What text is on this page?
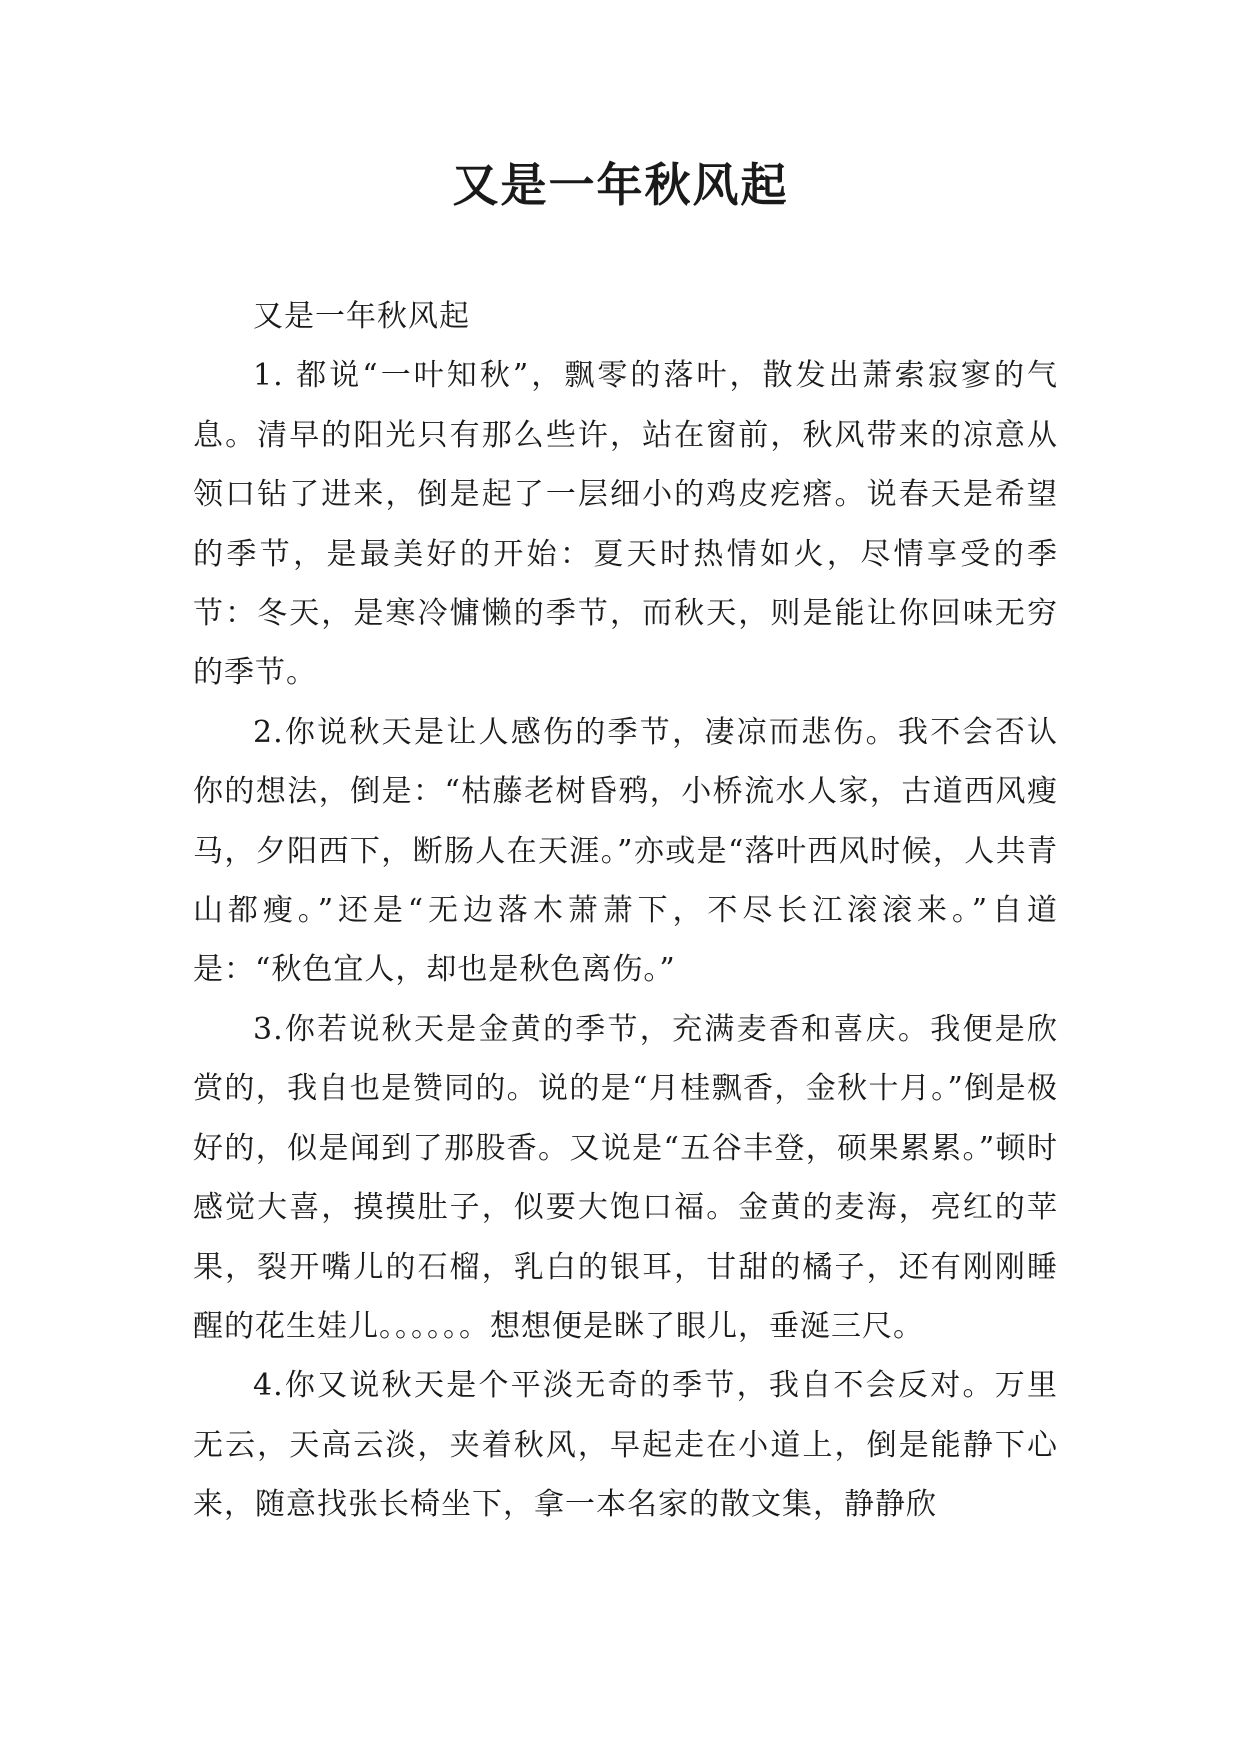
又是一年秋风起

又是一年秋风起

1. 都说“一叶知秋”，飘零的落叶，散发出萧索寂寥的气息。清早的阳光只有那么些许，站在窗前，秋风带来的凉意从领口钻了进来，倒是起了一层细小的鸡皮疙瘩。说春天是希望的季节，是最美好的开始：夏天时热情如火，尽情享受的季节：冬天，是寒冷慵懒的季节，而秋天，则是能让你回味无穷的季节。

2.你说秋天是让人感伤的季节，凄凉而悲伤。我不会否认你的想法，倒是：“枯藤老树昏鸦，小桥流水人家，古道西风瘦马，夕阳西下，断肠人在天涯。”亦或是“落叶西风时候，人共青山都瘦。”还是“无边落木萧萧下，不尽长江滚滚来。”自道是：“秋色宜人，却也是秋色离伤。”

3.你若说秋天是金黄的季节，充满麦香和喜庆。我便是欣赏的，我自也是赞同的。说的是“月桂飘香，金秋十月。”倒是极好的，似是闻到了那股香。又说是“五谷丰登，硕果累累。”顿时感觉大喜，摸摸肚子，似要大饱口福。金黄的麦海，亮红的苹果，裂开嘴儿的石榴，乳白的银耳，甘甜的橘子，还有刚刚睡醒的花生娃儿。。。。。。想想便是眯了眼儿，垂涎三尺。

4.你又说秋天是个平淡无奇的季节，我自不会反对。万里无云，天高云淡，夹着秋风，早起走在小道上，倒是能静下心来，随意找张长椅坐下，拿一本名家的散文集，静静欣
